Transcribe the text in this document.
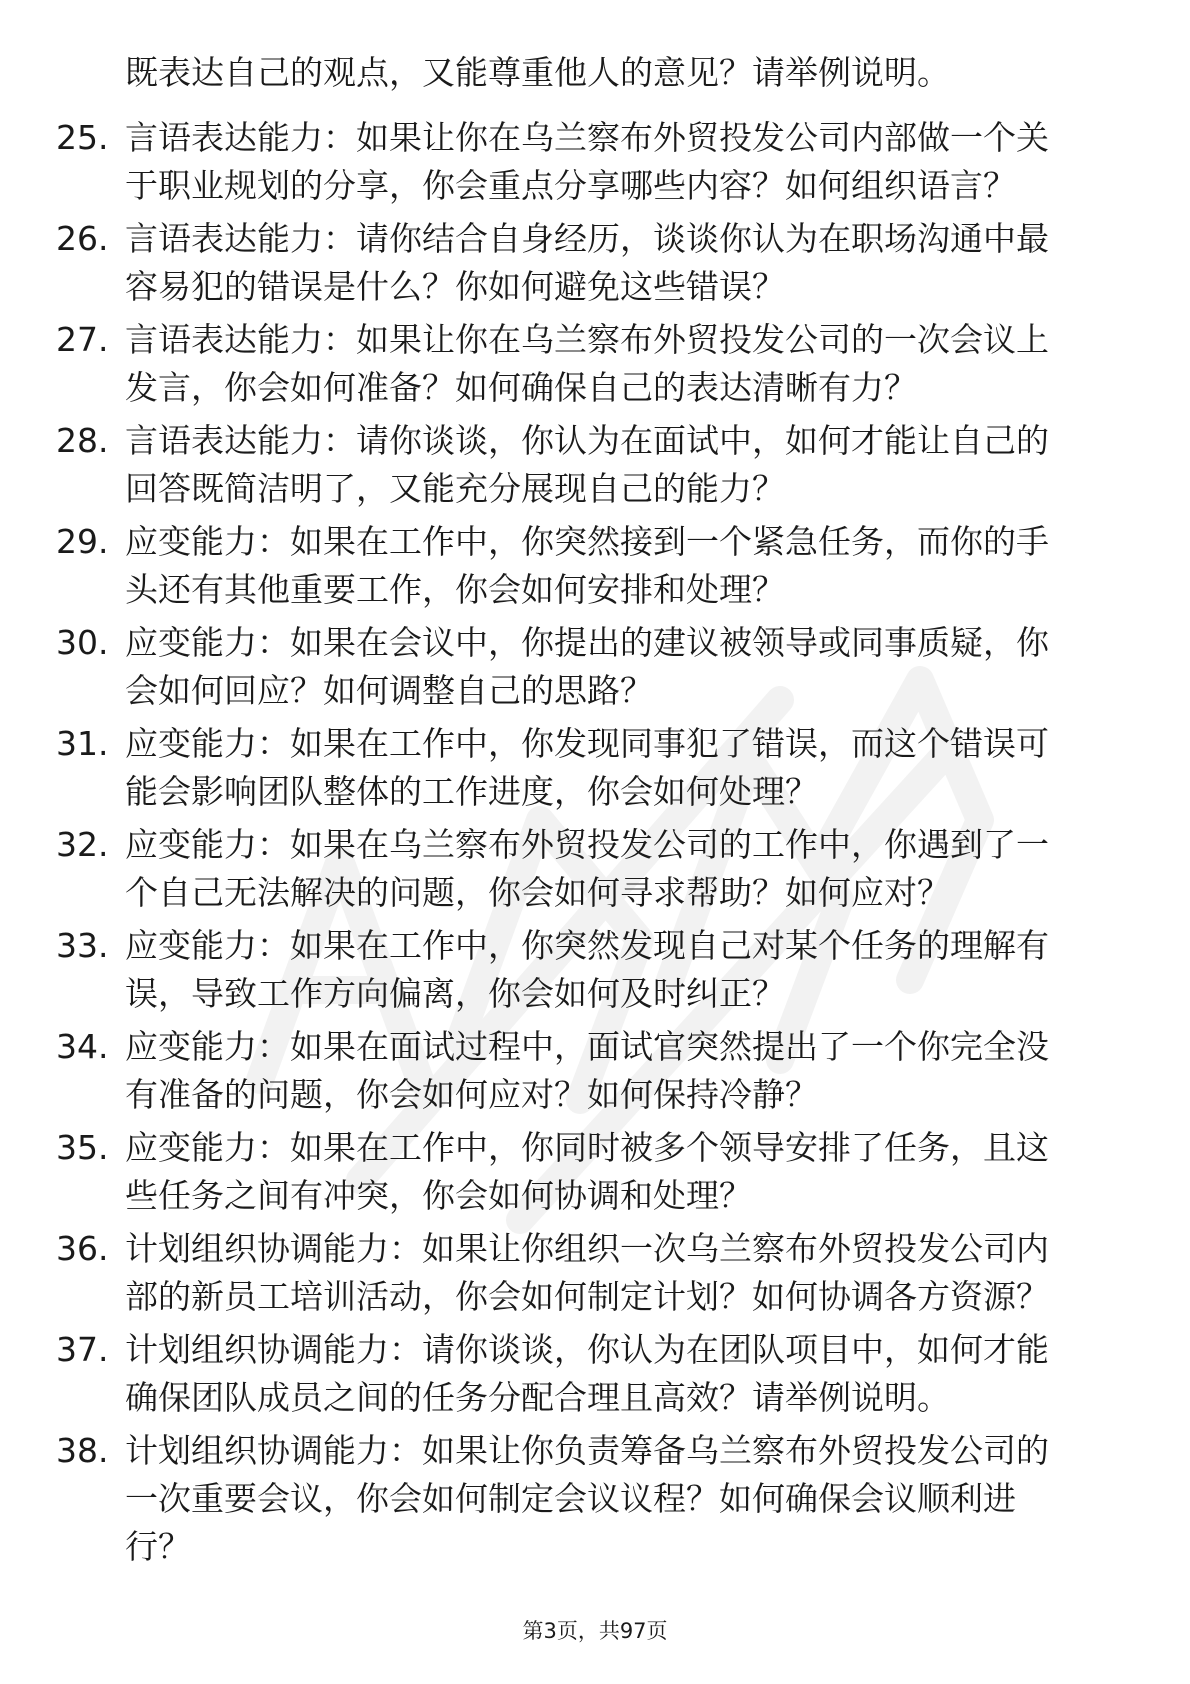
既表达自己的观点，又能尊重他人的意见？请举例说明。
25. 言语表达能力：如果让你在乌兰察布外贸投发公司内部做一个关
于职业规划的分享，你会重点分享哪些内容？如何组织语言？
26. 言语表达能力：请你结合自身经历，谈谈你认为在职场沟通中最
容易犯的错误是什么？你如何避免这些错误？
27. 言语表达能力：如果让你在乌兰察布外贸投发公司的一次会议上
发言，你会如何准备？如何确保自己的表达清晰有力？
28. 言语表达能力：请你谈谈，你认为在面试中，如何才能让自己的
回答既简洁明了，又能充分展现自己的能力？
29. 应变能力：如果在工作中，你突然接到一个紧急任务，而你的手
头还有其他重要工作，你会如何安排和处理？
30. 应变能力：如果在会议中，你提出的建议被领导或同事质疑，你
会如何回应？如何调整自己的思路？
31. 应变能力：如果在工作中，你发现同事犯了错误，而这个错误可
能会影响团队整体的工作进度，你会如何处理？
32. 应变能力：如果在乌兰察布外贸投发公司的工作中，你遇到了一
个自己无法解决的问题，你会如何寻求帮助？如何应对？
33. 应变能力：如果在工作中，你突然发现自己对某个任务的理解有
误，导致工作方向偏离，你会如何及时纠正？
34. 应变能力：如果在面试过程中，面试官突然提出了一个你完全没
有准备的问题，你会如何应对？如何保持冷静？
35. 应变能力：如果在工作中，你同时被多个领导安排了任务，且这
些任务之间有冲突，你会如何协调和处理？
36. 计划组织协调能力：如果让你组织一次乌兰察布外贸投发公司内
部的新员工培训活动，你会如何制定计划？如何协调各方资源？
37. 计划组织协调能力：请你谈谈，你认为在团队项目中，如何才能
确保团队成员之间的任务分配合理且高效？请举例说明。
38. 计划组织协调能力：如果让你负责筹备乌兰察布外贸投发公司的
一次重要会议，你会如何制定会议议程？如何确保会议顺利进
行？
第3页，共97页
